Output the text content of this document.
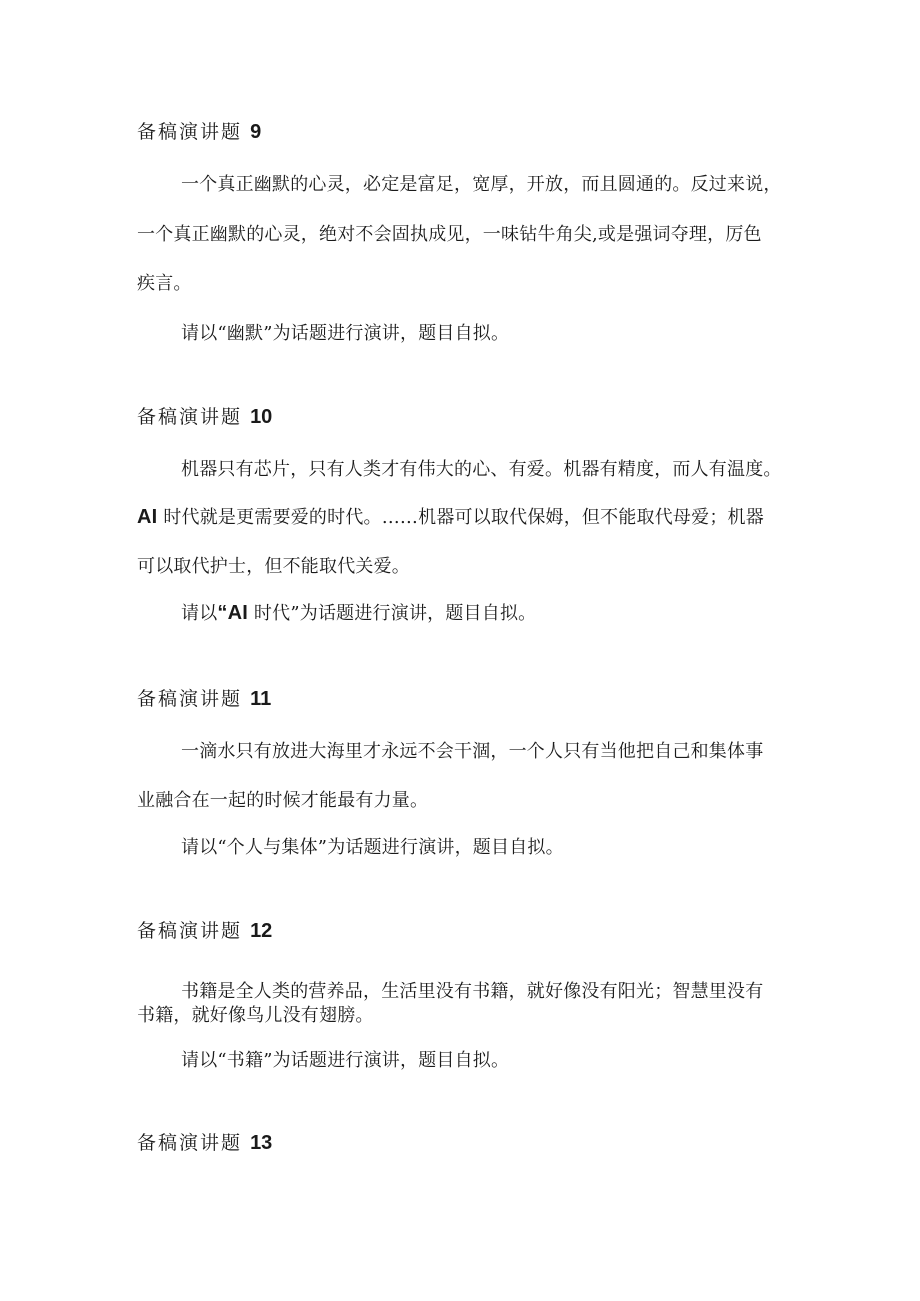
备稿演讲题 9
一个真正幽默的心灵，必定是富足，宽厚，开放，而且圆通的。反过来说，
一个真正幽默的心灵，绝对不会固执成见，一味钻牛角尖,或是强词夺理，厉色
疾言。
请以“幽默”为话题进行演讲，题目自拟。
备稿演讲题 10
机器只有芯片，只有人类才有伟大的心、有爱。机器有精度，而人有温度。
AI 时代就是更需要爱的时代。……机器可以取代保姆，但不能取代母爱；机器
可以取代护士，但不能取代关爱。
请以“AI 时代”为话题进行演讲，题目自拟。
备稿演讲题 11
一滴水只有放进大海里才永远不会干涸，一个人只有当他把自己和集体事
业融合在一起的时候才能最有力量。
请以“个人与集体”为话题进行演讲，题目自拟。
备稿演讲题 12
书籍是全人类的营养品，生活里没有书籍，就好像没有阳光；智慧里没有
书籍，就好像鸟儿没有翅膀。
请以“书籍”为话题进行演讲，题目自拟。
备稿演讲题 13
